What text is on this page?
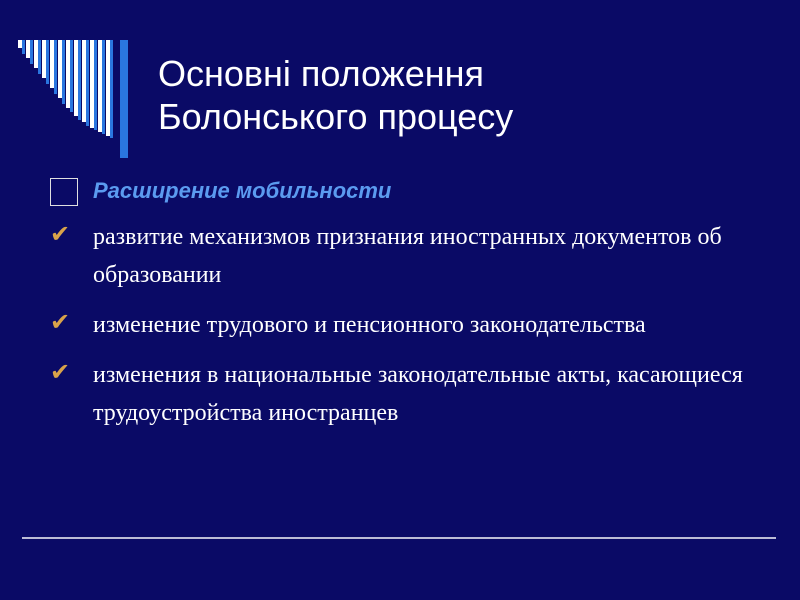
Основні положення
Болонського процесу
Расширение мобильности
✔ развитие механизмов признания иностранных документов об образовании
✔ изменение трудового и пенсионного законодательства
✔ изменения в национальные законодательные акты, касающиеся трудоустройства иностранцев
